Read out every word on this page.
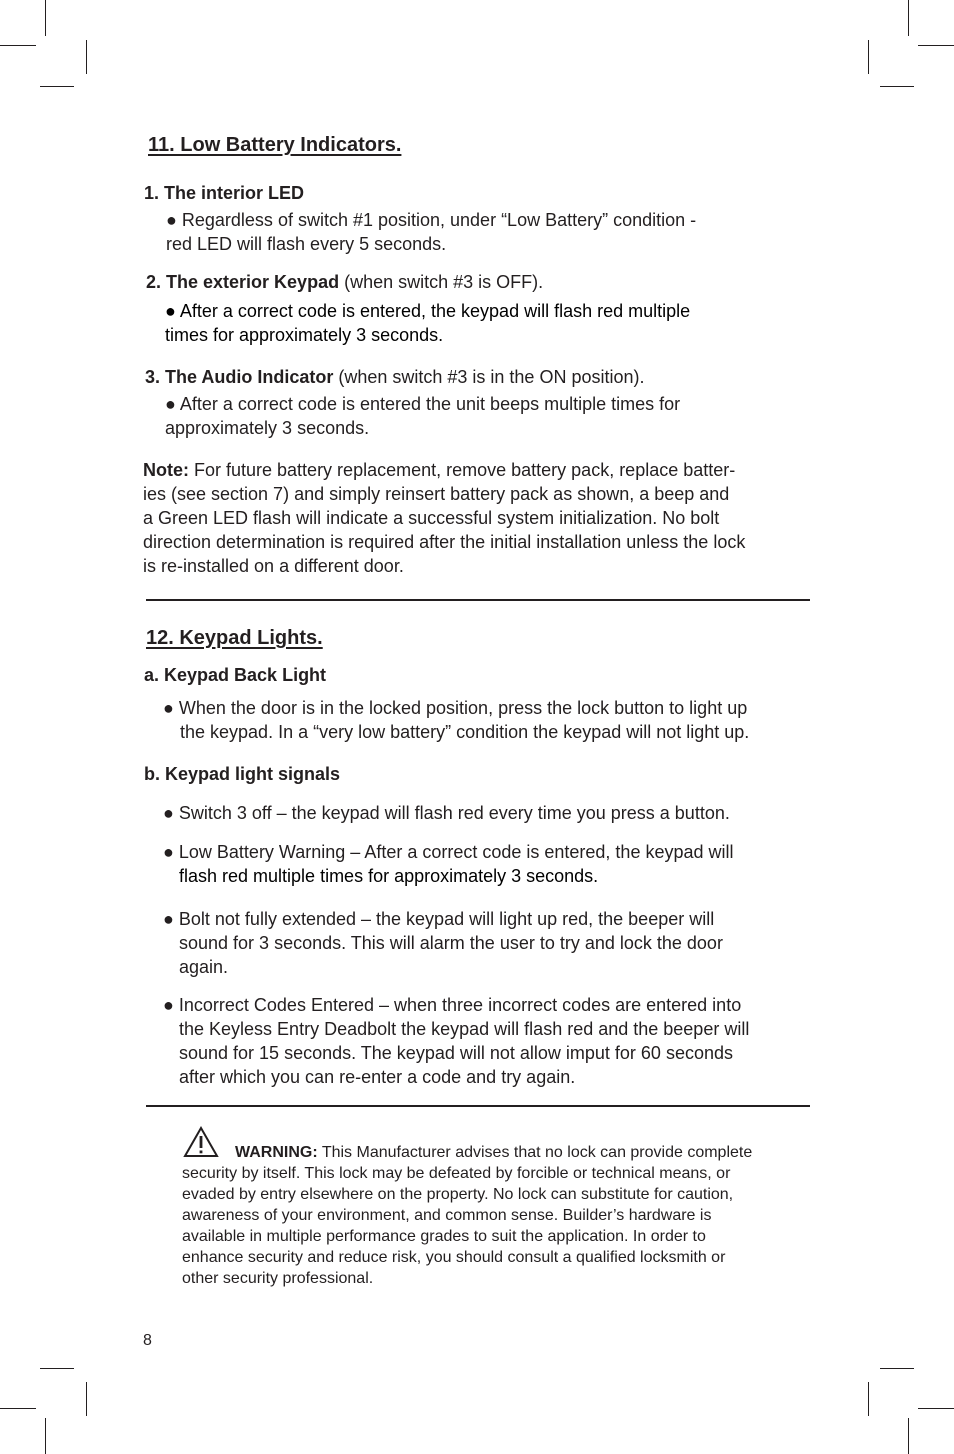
11. Low Battery Indicators.
1. The interior LED
● Regardless of switch #1 position, under “Low Battery” condition -
red LED will flash every 5 seconds.
2. The exterior Keypad (when switch #3 is OFF).
● After a correct code is entered, the keypad will flash red multiple
times for approximately 3 seconds.
3. The Audio Indicator (when switch #3 is in the ON position).
● After a correct code is entered the unit beeps multiple times for
approximately 3 seconds.
Note: For future battery replacement, remove battery pack, replace batter-
ies (see section 7) and simply reinsert battery pack as shown, a beep and
a Green LED flash will indicate a successful system initialization. No bolt
direction determination is required after the initial installation unless the lock
is re-installed on a different door.
12. Keypad Lights.
a. Keypad Back Light
● When the door is in the locked position, press the lock button to light up
the keypad. In a “very low battery” condition the keypad will not light up.
b. Keypad light signals
● Switch 3 off – the keypad will flash red every time you press a button.
● Low Battery Warning – After a correct code is entered, the keypad will
flash red multiple times for approximately 3 seconds.
● Bolt not fully extended – the keypad will light up red, the beeper will
sound for 3 seconds. This will alarm the user to try and lock the door
again.
● Incorrect Codes Entered – when three incorrect codes are entered into
the Keyless Entry Deadbolt the keypad will flash red and the beeper will
sound for 15 seconds. The keypad will not allow imput for 60 seconds
after which you can re-enter a code and try again.
WARNING: This Manufacturer advises that no lock can provide complete
security by itself. This lock may be defeated by forcible or technical means, or
evaded by entry elsewhere on the property. No lock can substitute for caution,
awareness of your environment, and common sense. Builder’s hardware is
available in multiple performance grades to suit the application. In order to
enhance security and reduce risk, you should consult a qualified locksmith or
other security professional.
8
